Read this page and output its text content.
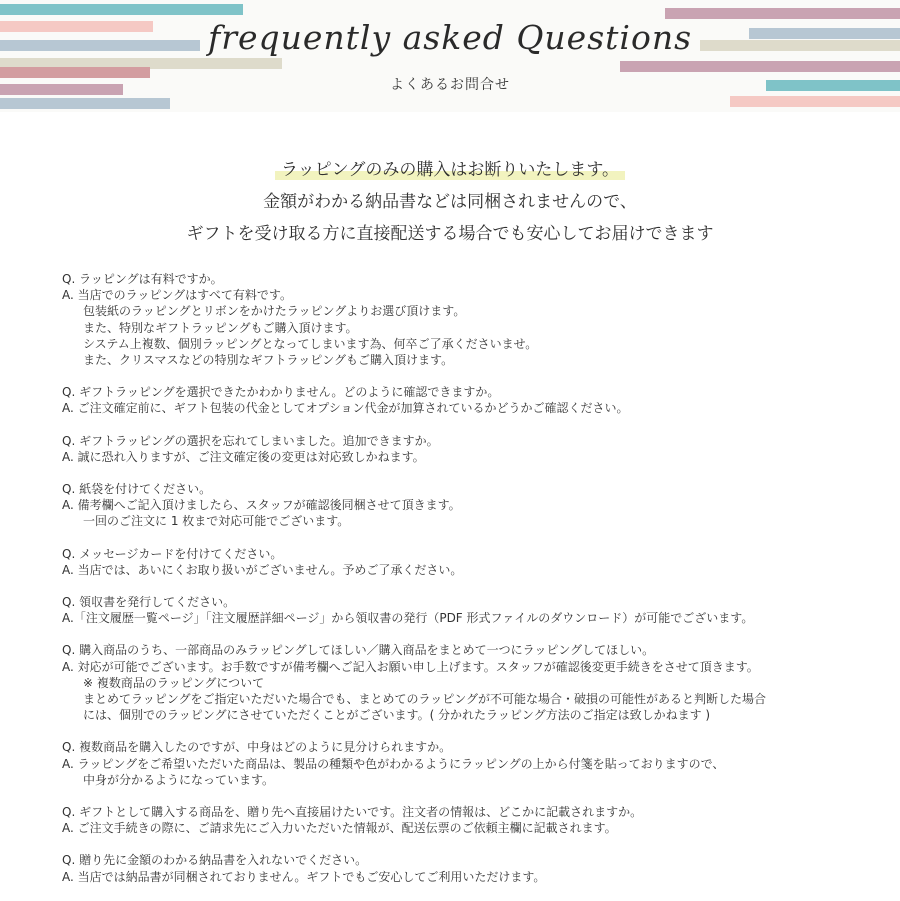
frequently asked Questions
よくあるお問合せ
ラッピングのみの購入はお断りいたします。
金額がわかる納品書などは同梱されませんので、
ギフトを受け取る方に直接配送する場合でも安心してお届けできます
Q. ラッピングは有料ですか。
A. 当店でのラッピングはすべて有料です。
包装紙のラッピングとリボンをかけたラッピングよりお選び頂けます。
また、特別なギフトラッピングもご購入頂けます。
システム上複数、個別ラッピングとなってしまいます為、何卒ご了承くださいませ。
また、クリスマスなどの特別なギフトラッピングもご購入頂けます。
Q. ギフトラッピングを選択できたかわかりません。どのように確認できますか。
A. ご注文確定前に、ギフト包装の代金としてオプション代金が加算されているかどうかご確認ください。
Q. ギフトラッピングの選択を忘れてしまいました。追加できますか。
A. 誠に恐れ入りますが、ご注文確定後の変更は対応致しかねます。
Q. 紙袋を付けてください。
A. 備考欄へご記入頂けましたら、スタッフが確認後同梱させて頂きます。
一回のご注文に 1 枚まで対応可能でございます。
Q. メッセージカードを付けてください。
A. 当店では、あいにくお取り扱いがございません。予めご了承ください。
Q. 領収書を発行してください。
A.「注文履歴一覧ページ」「注文履歴詳細ページ」から領収書の発行（PDF 形式ファイルのダウンロード）が可能でございます。
Q. 購入商品のうち、一部商品のみラッピングしてほしい／購入商品をまとめて一つにラッピングしてほしい。
A. 対応が可能でございます。お手数ですが備考欄へご記入お願い申し上げます。スタッフが確認後変更手続きをさせて頂きます。
※ 複数商品のラッピングについて
まとめてラッピングをご指定いただいた場合でも、まとめてのラッピングが不可能な場合・破損の可能性があると判断した場合
には、個別でのラッピングにさせていただくことがございます。( 分かれたラッピング方法のご指定は致しかねます )
Q. 複数商品を購入したのですが、中身はどのように見分けられますか。
A. ラッピングをご希望いただいた商品は、製品の種類や色がわかるようにラッピングの上から付箋を貼っておりますので、
中身が分かるようになっています。
Q. ギフトとして購入する商品を、贈り先へ直接届けたいです。注文者の情報は、どこかに記載されますか。
A. ご注文手続きの際に、ご請求先にご入力いただいた情報が、配送伝票のご依頼主欄に記載されます。
Q. 贈り先に金額のわかる納品書を入れないでください。
A. 当店では納品書が同梱されておりません。ギフトでもご安心してご利用いただけます。
